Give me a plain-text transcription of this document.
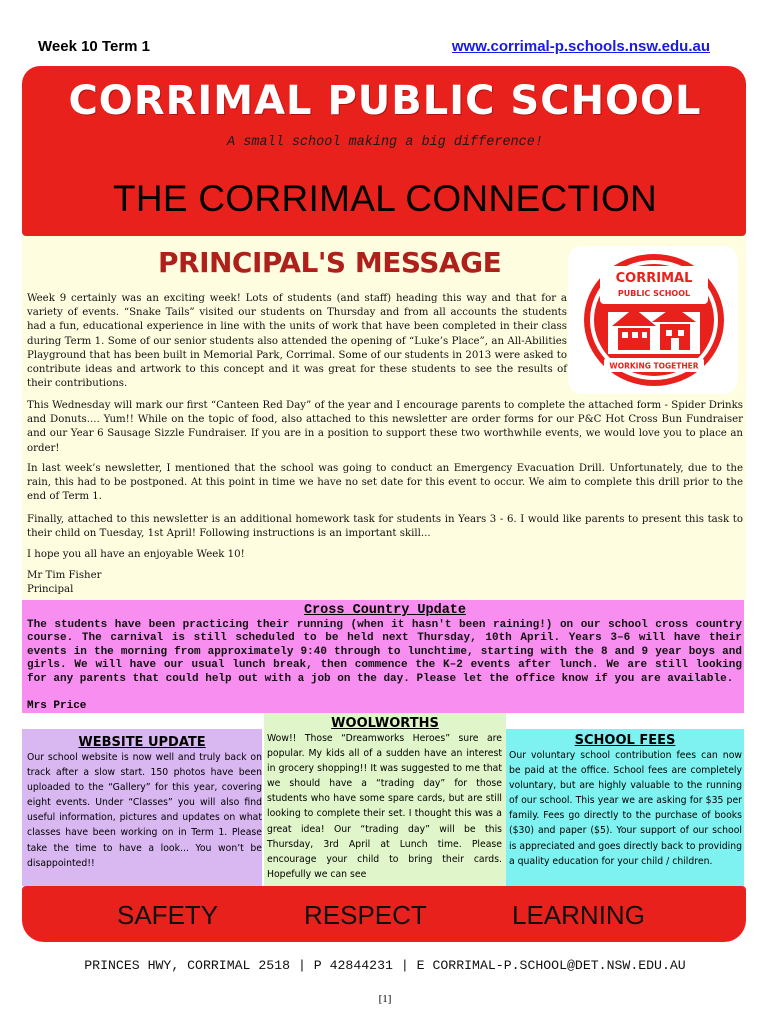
Week 10 Term 1	www.corrimal-p.schools.nsw.edu.au
CORRIMAL PUBLIC SCHOOL
A small school making a big difference!
THE CORRIMAL CONNECTION
PRINCIPAL'S MESSAGE	CORRIMAL
PUBLIC SCHOOL
WORKING TOGETHER

Week 9 certainly was an exciting week! Lots of students (and staff) heading this way and that for a variety of events. “Snake Tails” visited our students on Thursday and from all accounts the students had a fun, educational experience in line with the units of work that have been completed in their class during Term 1. Some of our senior students also attended the opening of “Luke’s Place”, an All-Abilities Playground that has been built in Memorial Park, Corrimal. Some of our students in 2013 were asked to contribute ideas and artwork to this concept and it was great for these students to see the results of their contributions.

This Wednesday will mark our first “Canteen Red Day” of the year and I encourage parents to complete the attached form - Spider Drinks and Donuts.... Yum!! While on the topic of food, also attached to this newsletter are order forms for our P&C Hot Cross Bun Fundraiser and our Year 6 Sausage Sizzle Fundraiser. If you are in a position to support these two worthwhile events, we would love you to place an order!

In last week’s newsletter, I mentioned that the school was going to conduct an Emergency Evacuation Drill. Unfortunately, due to the rain, this had to be postponed. At this point in time we have no set date for this event to occur. We aim to complete this drill prior to the end of Term 1.

Finally, attached to this newsletter is an additional homework task for students in Years 3 - 6. I would like parents to present this task to their child on Tuesday, 1st April! Following instructions is an important skill...

I hope you all have an enjoyable Week 10!

Mr Tim Fisher
Principal
Cross Country Update

The students have been practicing their running (when it hasn't been raining!) on our school cross country course. The carnival is still scheduled to be held next Thursday, 10th April. Years 3–6 will have their events in the morning from approximately 9:40 through to lunchtime, starting with the 8 and 9 year boys and girls. We will have our usual lunch break, then commence the K–2 events after lunch. We are still looking for any parents that could help out with a job on the day. Please let the office know if you are available.

Mrs Price
WEBSITE UPDATE

Our school website is now well and truly back on track after a slow start. 150 photos have been uploaded to the “Gallery” for this year, covering eight events. Under “Classes” you will also find useful information, pictures and updates on what classes have been working on in Term 1. Please take the time to have a look... You won’t be disappointed!!

WOOLWORTHS

Wow!! Those “Dreamworks Heroes” sure are popular. My kids all of a sudden have an interest in grocery shopping!! It was suggested to me that we should have a “trading day” for those students who have some spare cards, but are still looking to complete their set. I thought this was a great idea! Our “trading day” will be this Thursday, 3rd April at Lunch time. Please encourage your child to bring their cards. Hopefully we can see

SCHOOL FEES

Our voluntary school contribution fees can now be paid at the office. School fees are completely voluntary, but are highly valuable to the running of our school. This year we are asking for $35 per family. Fees go directly to the purchase of books ($30) and paper ($5). Your support of our school is appreciated and goes directly back to providing a quality education for your child / children.

SAFETY	RESPECT	LEARNING
PRINCES HWY, CORRIMAL 2518 | P 42844231 | E CORRIMAL-P.SCHOOL@DET.NSW.EDU.AU
[1]
